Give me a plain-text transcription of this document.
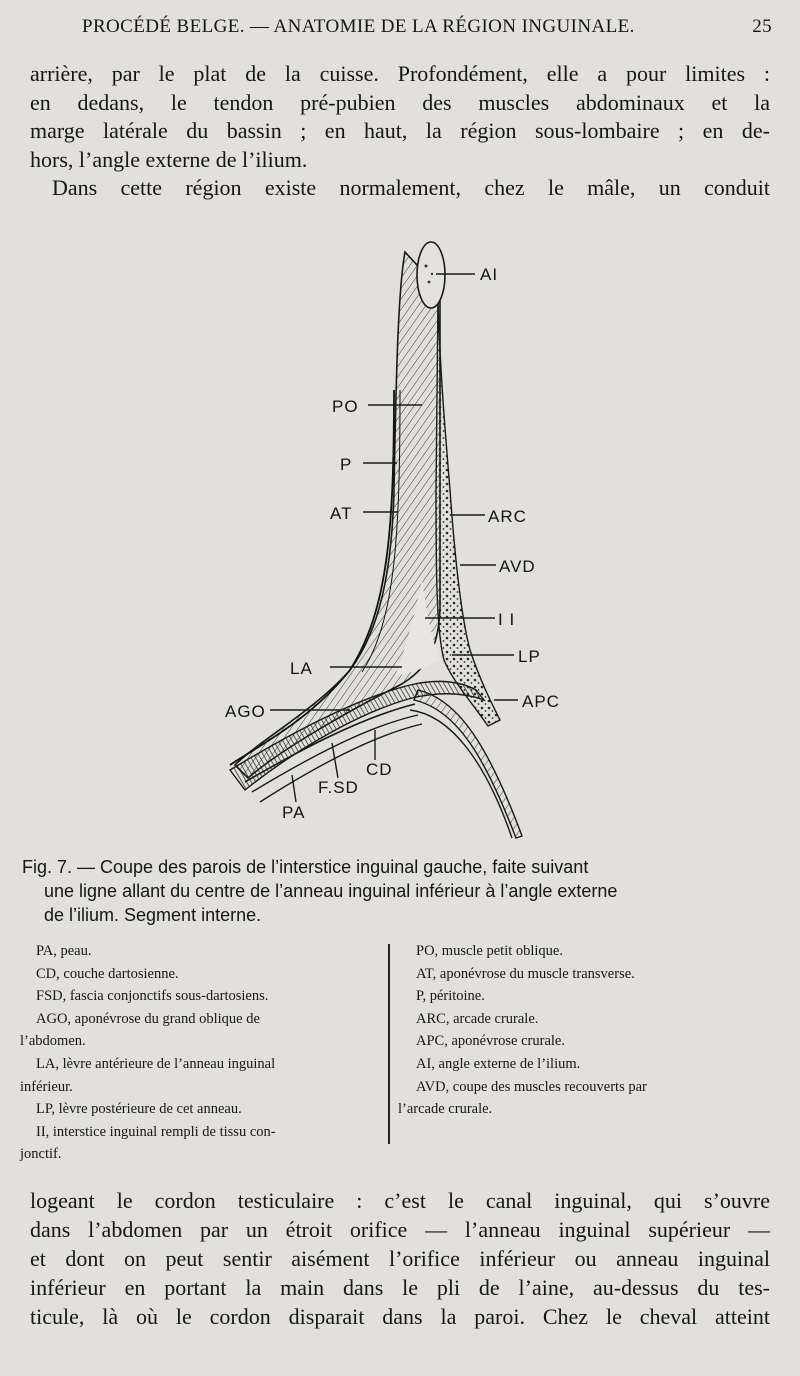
PROCÉDÉ BELGE. — ANATOMIE DE LA RÉGION INGUINALE.	25
arrière, par le plat de la cuisse. Profondément, elle a pour limites :
en dedans, le tendon pré-pubien des muscles abdominaux et la
marge latérale du bassin ; en haut, la région sous-lombaire ; en de-
hors, l’angle externe de l’ilium.
Dans cette région existe normalement, chez le mâle, un conduit
AI
PO
P
AT	ARC
AVD
I I
LP
LA
AGO
APC
CD
F.SD
PA
Fig. 7. — Coupe des parois de l’interstice inguinal gauche, faite suivant
une ligne allant du centre de l’anneau inguinal inférieur à l’angle externe
de l’ilium. Segment interne.
PA, peau.
CD, couche dartosienne.
FSD, fascia conjonctifs sous-dartosiens.
AGO, aponévrose du grand oblique de
l’abdomen.
LA, lèvre antérieure de l’anneau inguinal
inférieur.
LP, lèvre postérieure de cet anneau.
II, interstice inguinal rempli de tissu con-
jonctif.
PO, muscle petit oblique.
AT, aponévrose du muscle transverse.
P, péritoine.
ARC, arcade crurale.
APC, aponévrose crurale.
AI, angle externe de l’ilium.
AVD, coupe des muscles recouverts par
l’arcade crurale.
logeant le cordon testiculaire : c’est le canal inguinal, qui s’ouvre
dans l’abdomen par un étroit orifice — l’anneau inguinal supérieur —
et dont on peut sentir aisément l’orifice inférieur ou anneau inguinal
inférieur en portant la main dans le pli de l’aine, au-dessus du tes-
ticule, là où le cordon disparait dans la paroi. Chez le cheval atteint
